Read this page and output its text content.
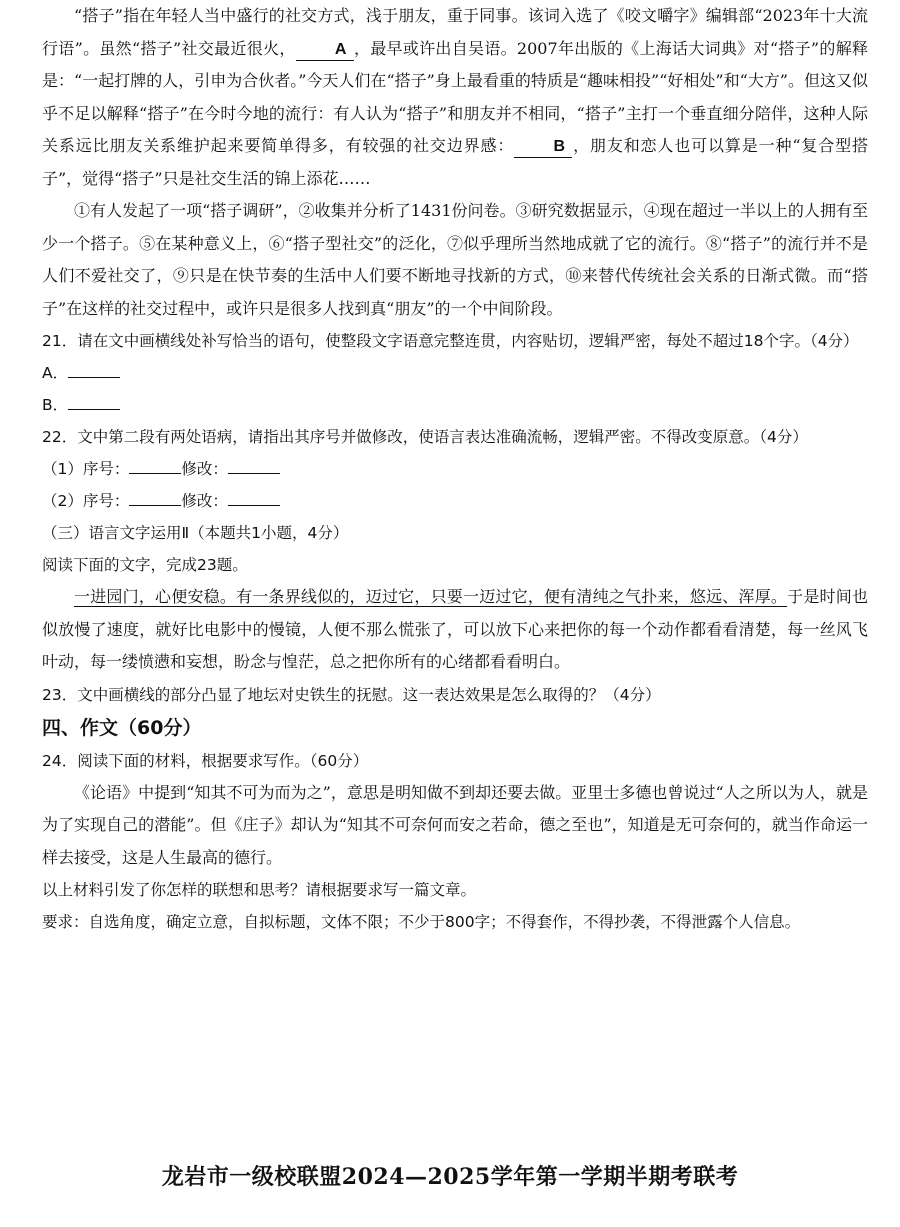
“搭子”指在年轻人当中盛行的社交方式，浅于朋友，重于同事。该词入选了《咬文嚼字》编辑部“2023年十大流行语”。虽然“搭子”社交最近很火， A ，最早或许出自吴语。2007年出版的《上海话大词典》对“搭子”的解释是：“一起打牌的人，引申为合伙者。”今天人们在“搭子”身上最看重的特质是“趣味相投”“好相处”和“大方”。但这又似乎不足以解释“搭子”在今时今地的流行：有人认为“搭子”和朋友并不相同，“搭子”主打一个垂直细分陪伴，这种人际关系远比朋友关系维护起来要简单得多，有较强的社交边界感： B ，朋友和恋人也可以算是一种“复合型搭子”，觉得“搭子”只是社交生活的锦上添花……

①有人发起了一项“搭子调研”，②收集并分析了1431份问卷。③研究数据显示，④现在超过一半以上的人拥有至少一个搭子。⑤在某种意义上，⑥“搭子型社交”的泛化，⑦似乎理所当然地成就了它的流行。⑧“搭子”的流行并不是人们不爱社交了，⑨只是在快节奏的生活中人们要不断地寻找新的方式，⑩来替代传统社会关系的日渐式微。而“搭子”在这样的社交过程中，或许只是很多人找到真“朋友”的一个中间阶段。

21．请在文中画横线处补写恰当的语句，使整段文字语意完整连贯，内容贴切，逻辑严密，每处不超过18个字。（4分）

A．

B．

22．文中第二段有两处语病，请指出其序号并做修改，使语言表达准确流畅，逻辑严密。不得改变原意。（4分）

（1）序号：	修改：

（2）序号：	修改：

（三）语言文字运用Ⅱ（本题共1小题，4分）

阅读下面的文字，完成23题。

一进园门，心便安稳。有一条界线似的，迈过它，只要一迈过它，便有清纯之气扑来，悠远、浑厚。于是时间也似放慢了速度，就好比电影中的慢镜，人便不那么慌张了，可以放下心来把你的每一个动作都看看清楚，每一丝风飞叶动，每一缕愤懑和妄想，盼念与惶茫，总之把你所有的心绪都看看明白。

23．文中画横线的部分凸显了地坛对史铁生的抚慰。这一表达效果是怎么取得的？（4分）

四、作文（60分）

24．阅读下面的材料，根据要求写作。（60分）

《论语》中提到“知其不可为而为之”，意思是明知做不到却还要去做。亚里士多德也曾说过“人之所以为人，就是为了实现自己的潜能”。但《庄子》却认为“知其不可奈何而安之若命，德之至也”，知道是无可奈何的，就当作命运一样去接受，这是人生最高的德行。

以上材料引发了你怎样的联想和思考？请根据要求写一篇文章。

要求：自选角度，确定立意，自拟标题，文体不限；不少于800字；不得套作，不得抄袭，不得泄露个人信息。

龙岩市一级校联盟2024—2025学年第一学期半期考联考
